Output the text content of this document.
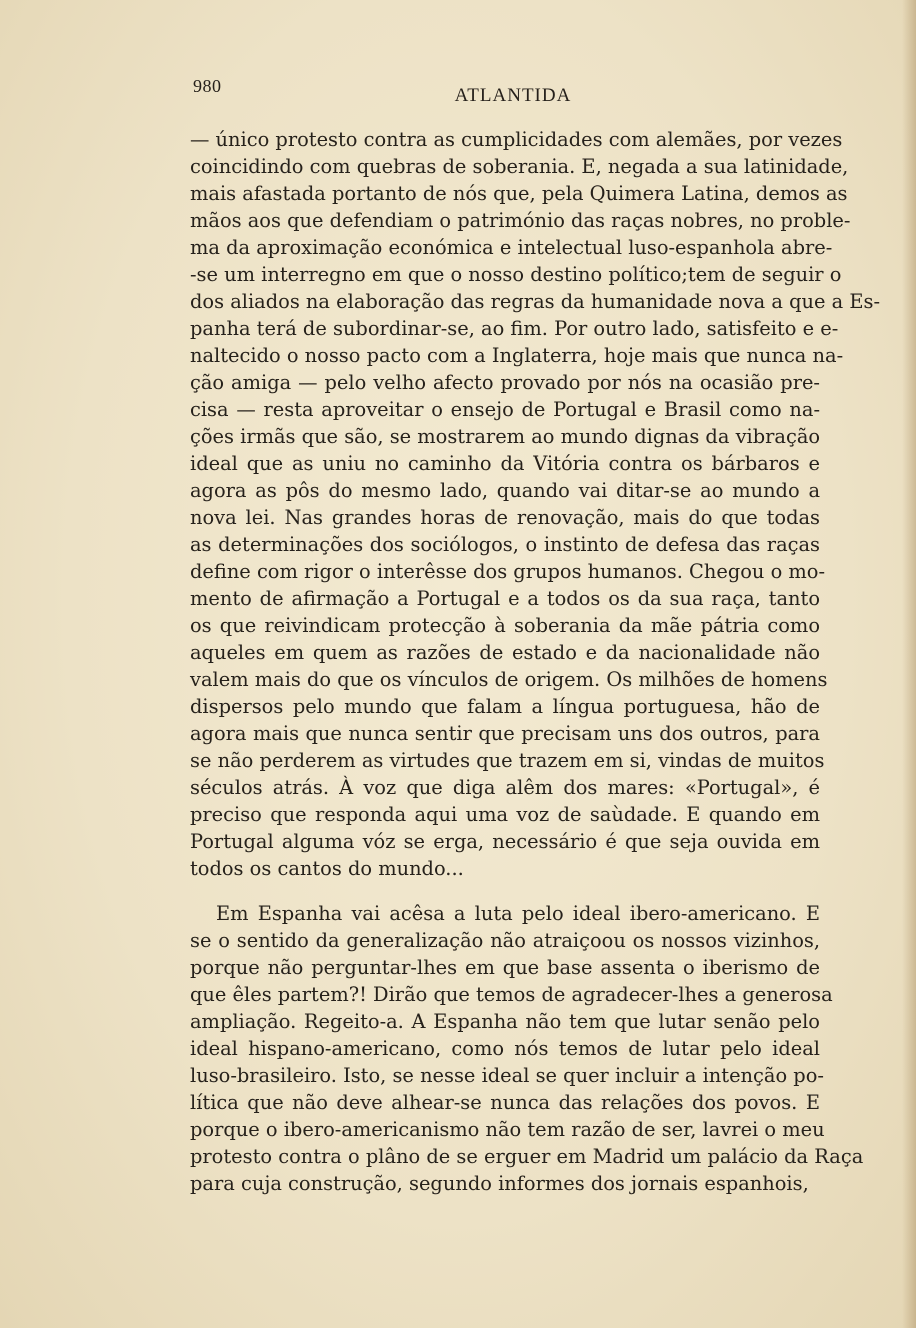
980	ATLANTIDA
— único protesto contra as cumplicidades com alemães, por vezes
coincidindo com quebras de soberania. E, negada a sua latinidade,
mais afastada portanto de nós que, pela Quimera Latina, demos as
mãos aos que defendiam o património das raças nobres, no proble-
ma da aproximação económica e intelectual luso-espanhola abre-
-se um interregno em que o nosso destino político;tem de seguir o
dos aliados na elaboração das regras da humanidade nova a que a Es-
panha terá de subordinar-se, ao fim. Por outro lado, satisfeito e e-
naltecido o nosso pacto com a Inglaterra, hoje mais que nunca na-
ção amiga — pelo velho afecto provado por nós na ocasião pre-
cisa — resta aproveitar o ensejo de Portugal e Brasil como na-
ções irmãs que são, se mostrarem ao mundo dignas da vibração
ideal que as uniu no caminho da Vitória contra os bárbaros e
agora as pôs do mesmo lado, quando vai ditar-se ao mundo a
nova lei. Nas grandes horas de renovação, mais do que todas
as determinações dos sociólogos, o instinto de defesa das raças
define com rigor o interêsse dos grupos humanos. Chegou o mo-
mento de afirmação a Portugal e a todos os da sua raça, tanto
os que reivindicam protecção à soberania da mãe pátria como
aqueles em quem as razões de estado e da nacionalidade não
valem mais do que os vínculos de origem. Os milhões de homens
dispersos pelo mundo que falam a língua portuguesa, hão de
agora mais que nunca sentir que precisam uns dos outros, para
se não perderem as virtudes que trazem em si, vindas de muitos
séculos atrás. À voz que diga alêm dos mares: «Portugal», é
preciso que responda aqui uma voz de saùdade. E quando em
Portugal alguma vóz se erga, necessário é que seja ouvida em
todos os cantos do mundo...
Em Espanha vai acêsa a luta pelo ideal ibero-americano. E
se o sentido da generalização não atraiçoou os nossos vizinhos,
porque não perguntar-lhes em que base assenta o iberismo de
que êles partem?! Dirão que temos de agradecer-lhes a generosa
ampliação. Regeito-a. A Espanha não tem que lutar senão pelo
ideal hispano-americano, como nós temos de lutar pelo ideal
luso-brasileiro. Isto, se nesse ideal se quer incluir a intenção po-
lítica que não deve alhear-se nunca das relações dos povos. E
porque o ibero-americanismo não tem razão de ser, lavrei o meu
protesto contra o plâno de se erguer em Madrid um palácio da Raça
para cuja construção, segundo informes dos jornais espanhois,
